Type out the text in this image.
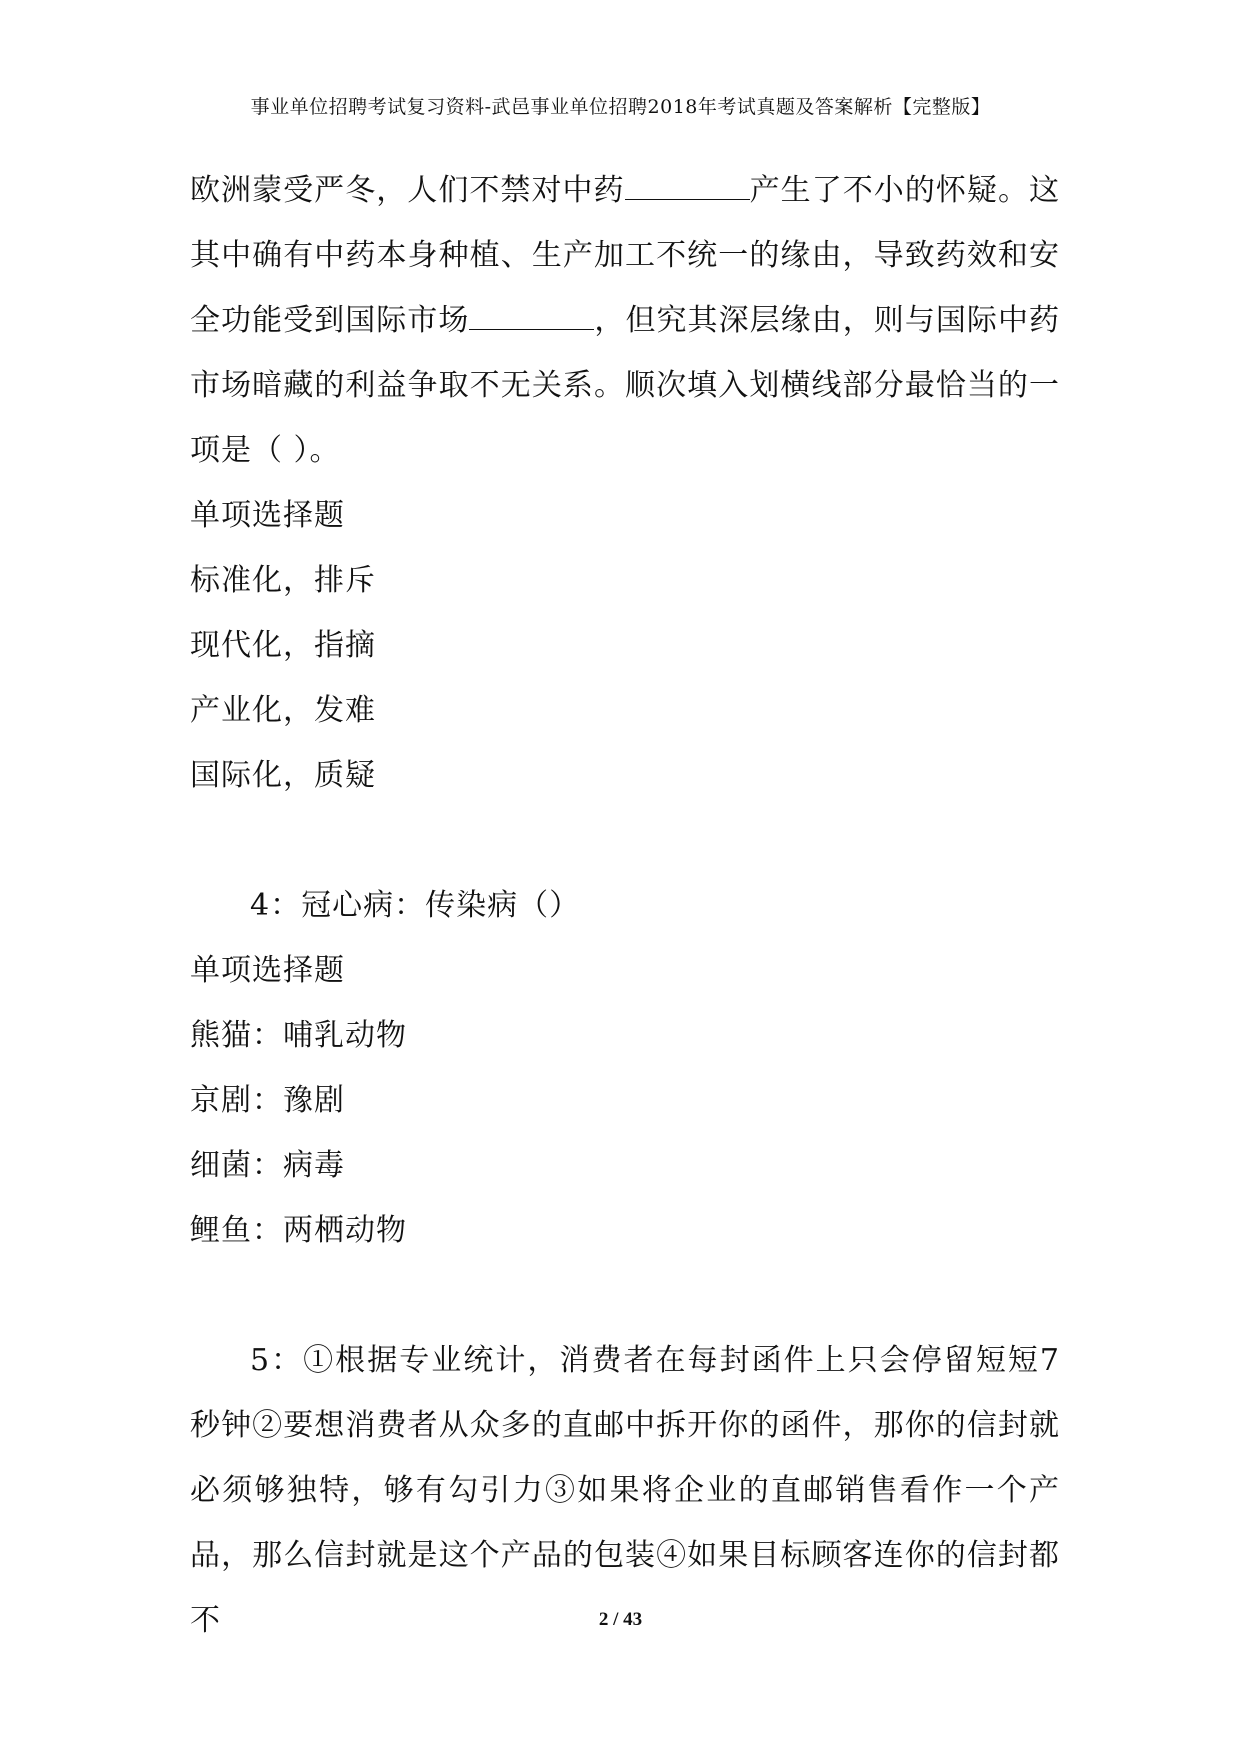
事业单位招聘考试复习资料-武邑事业单位招聘2018年考试真题及答案解析【完整版】

欧洲蒙受严冬，人们不禁对中药	产生了不小的怀疑。这其中确有中药本身种植、生产加工不统一的缘由，导致药效和安全功能受到国际市场	，但究其深层缘由，则与国际中药市场暗藏的利益争取不无关系。顺次填入划横线部分最恰当的一项是（ ）。

单项选择题

标准化，排斥

现代化，指摘

产业化，发难

国际化，质疑

4：冠心病：传染病（）

单项选择题

熊猫：哺乳动物

京剧：豫剧

细菌：病毒

鲤鱼：两栖动物

5：①根据专业统计，消费者在每封函件上只会停留短短7秒钟②要想消费者从众多的直邮中拆开你的函件，那你的信封就必须够独特，够有勾引力③如果将企业的直邮销售看作一个产品，那么信封就是这个产品的包装④如果目标顾客连你的信封都不	2 / 43
